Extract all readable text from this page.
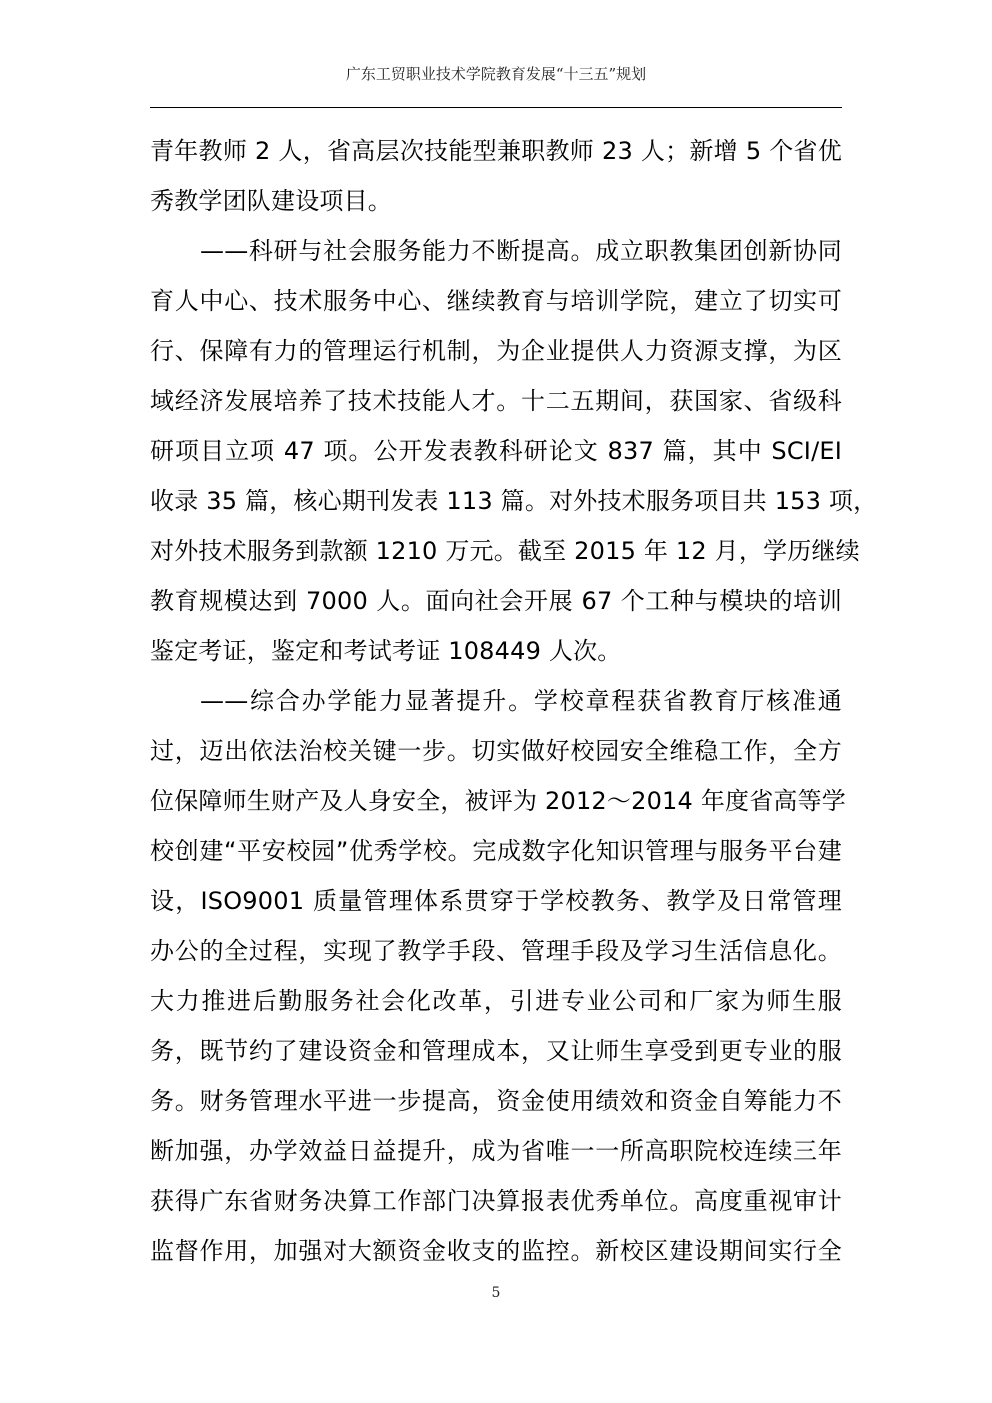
广东工贸职业技术学院教育发展“十三五”规划
青年教师 2 人，省高层次技能型兼职教师 23 人；新增 5 个省优
秀教学团队建设项目。
——科研与社会服务能力不断提高。成立职教集团创新协同
育人中心、技术服务中心、继续教育与培训学院，建立了切实可
行、保障有力的管理运行机制，为企业提供人力资源支撑，为区
域经济发展培养了技术技能人才。十二五期间，获国家、省级科
研项目立项 47 项。公开发表教科研论文 837 篇，其中 SCI/EI
收录 35 篇，核心期刊发表 113 篇。对外技术服务项目共 153 项，
对外技术服务到款额 1210 万元。截至 2015 年 12 月，学历继续
教育规模达到 7000 人。面向社会开展 67 个工种与模块的培训
鉴定考证，鉴定和考试考证 108449 人次。
——综合办学能力显著提升。学校章程获省教育厅核准通
过，迈出依法治校关键一步。切实做好校园安全维稳工作，全方
位保障师生财产及人身安全，被评为 2012～2014 年度省高等学
校创建“平安校园”优秀学校。完成数字化知识管理与服务平台建
设，ISO9001 质量管理体系贯穿于学校教务、教学及日常管理
办公的全过程，实现了教学手段、管理手段及学习生活信息化。
大力推进后勤服务社会化改革，引进专业公司和厂家为师生服
务，既节约了建设资金和管理成本，又让师生享受到更专业的服
务。财务管理水平进一步提高，资金使用绩效和资金自筹能力不
断加强，办学效益日益提升，成为省唯一一所高职院校连续三年
获得广东省财务决算工作部门决算报表优秀单位。高度重视审计
监督作用，加强对大额资金收支的监控。新校区建设期间实行全
5
